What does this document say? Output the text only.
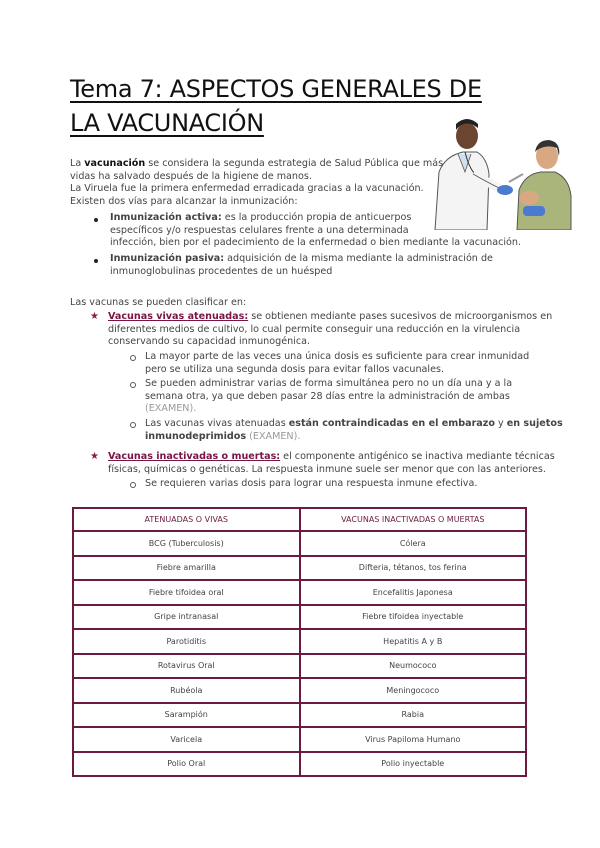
Tema 7: ASPECTOS GENERALES DE
LA VACUNACIÓN
La vacunación se considera la segunda estrategia de Salud Pública que más
vidas ha salvado después de la higiene de manos.
La Viruela fue la primera enfermedad erradicada gracias a la vacunación.
Existen dos vías para alcanzar la inmunización:
Inmunización activa: es la producción propia de anticuerpos
específicos y/o respuestas celulares frente a una determinada
infección, bien por el padecimiento de la enfermedad o bien mediante la vacunación.
Inmunización pasiva: adquisición de la misma mediante la administración de
inmunoglobulinas procedentes de un huésped
Las vacunas se pueden clasificar en:
★ Vacunas vivas atenuadas: se obtienen mediante pases sucesivos de microorganismos en
diferentes medios de cultivo, lo cual permite conseguir una reducción en la virulencia
conservando su capacidad inmunogénica.
La mayor parte de las veces una única dosis es suficiente para crear inmunidad
pero se utiliza una segunda dosis para evitar fallos vacunales.
Se pueden administrar varias de forma simultánea pero no un día una y a la
semana otra, ya que deben pasar 28 días entre la administración de ambas
(EXAMEN).
Las vacunas vivas atenuadas están contraindicadas en el embarazo y en sujetos
inmunodeprimidos (EXAMEN).
★ Vacunas inactivadas o muertas: el componente antigénico se inactiva mediante técnicas
físicas, químicas o genéticas. La respuesta inmune suele ser menor que con las anteriores.
Se requieren varias dosis para lograr una respuesta inmune efectiva.
ATENUADAS O VIVAS	VACUNAS INACTIVADAS O MUERTAS
BCG (Tuberculosis)	Cólera
Fiebre amarilla	Difteria, tétanos, tos ferina
Fiebre tifoidea oral	Encefalitis Japonesa
Gripe intranasal	Fiebre tifoidea inyectable
Parotiditis	Hepatitis A y B
Rotavirus Oral	Neumococo
Rubéola	Meningococo
Sarampión	Rabia
Varicela	Virus Papiloma Humano
Polio Oral	Polio inyectable
